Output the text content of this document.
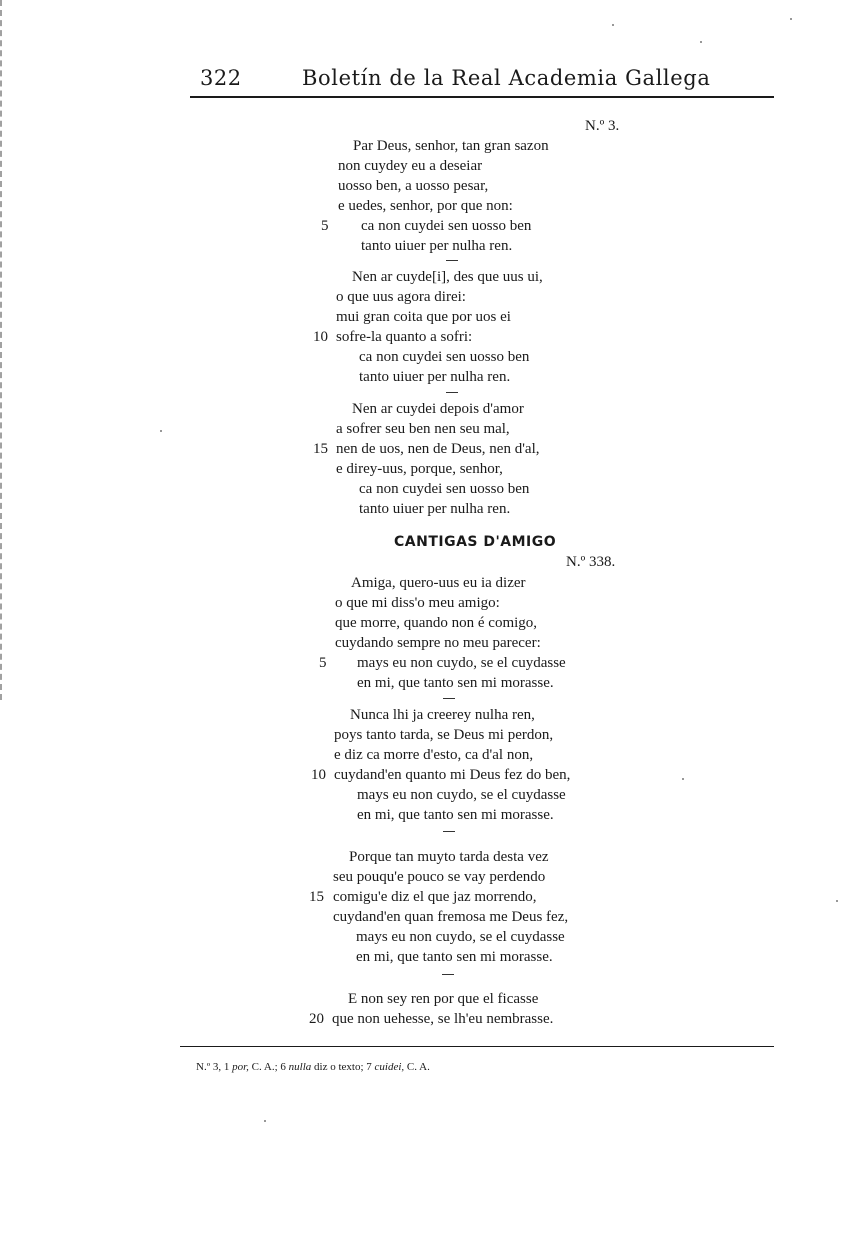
322	Boletín de la Real Academia Gallega
N.º 3.
Par Deus, senhor, tan gran sazon
non cuydey eu a deseiar
uosso ben, a uosso pesar,
e uedes, senhor, por que non:
5 ca non cuydei sen uosso ben
tanto uiuer per nulha ren.
Nen ar cuyde[i], des que uus ui,
o que uus agora direi:
mui gran coita que por uos ei
10 sofre-la quanto a sofri:
ca non cuydei sen uosso ben
tanto uiuer per nulha ren.
Nen ar cuydei depois d'amor
a sofrer seu ben nen seu mal,
15 nen de uos, nen de Deus, nen d'al,
e direy-uus, porque, senhor,
ca non cuydei sen uosso ben
tanto uiuer per nulha ren.
CANTIGAS D'AMIGO
N.º 338.
Amiga, quero-uus eu ia dizer
o que mi diss'o meu amigo:
que morre, quando non é comigo,
cuydando sempre no meu parecer:
5 mays eu non cuydo, se el cuydasse
en mi, que tanto sen mi morasse.
Nunca lhi ja creerey nulha ren,
poys tanto tarda, se Deus mi perdon,
e diz ca morre d'esto, ca d'al non,
10 cuydand'en quanto mi Deus fez do ben,
mays eu non cuydo, se el cuydasse
en mi, que tanto sen mi morasse.
Porque tan muyto tarda desta vez
seu pouqu'e pouco se vay perdendo
15 comigu'e diz el que jaz morrendo,
cuydand'en quan fremosa me Deus fez,
mays eu non cuydo, se el cuydasse
en mi, que tanto sen mi morasse.
E non sey ren por que el ficasse
20 que non uehesse, se lh'eu nembrasse.
N.º 3, 1 por, C. A.; 6 nulla diz o texto; 7 cuidei, C. A.
